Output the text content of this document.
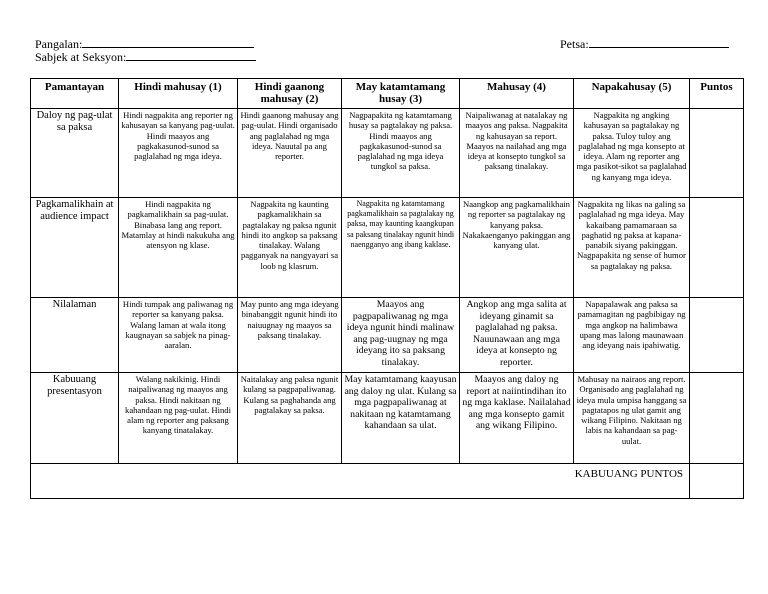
Pangalan:
Sabjek at Seksyon:
Petsa:
Pamantayan	Hindi mahusay (1)	Hindi gaanong mahusay (2)	May katamtamang husay (3)	Mahusay (4)	Napakahusay (5)	Puntos
Daloy ng pag-ulat sa paksa	Hindi nagpakita ang reporter ng kahusayan sa kanyang pag-uulat. Hindi maayos ang pagkakasunod-sunod sa paglalahad ng mga ideya.	Hindi gaanong mahusay ang pag-uulat. Hindi organisado ang paglalahad ng mga ideya. Nauutal pa ang reporter.	Nagpapakita ng katamtamang husay sa pagtalakay ng paksa. Hindi maayos ang pagkakasunod-sunod sa paglalahad ng mga ideya tungkol sa paksa.	Naipaliwanag at natalakay ng maayos ang paksa. Nagpakita ng kahusayan sa report. Maayos na nailahad ang mga ideya at konsepto tungkol sa paksang tinalakay.	Nagpakita ng angking kahusayan sa pagtalakay ng paksa. Tuloy tuloy ang paglalahad ng mga konsepto at ideya. Alam ng reporter ang mga pasikot-sikot sa paglalahad ng kanyang mga ideya.	
Pagkamalikhain at audience impact	Hindi nagpakita ng pagkamalikhain sa pag-uulat. Binabasa lang ang report. Matamlay at hindi nakukuha ang atensyon ng klase.	Nagpakita ng kaunting pagkamalikhain sa pagtalakay ng paksa ngunit hindi ito angkop sa paksang tinalakay. Walang pagganyak na nangyayari sa loob ng klasrum.	Nagpakita ng katamtamang pagkamalikhain sa pagtalakay ng paksa, may kaunting kaangkupan sa paksang tinalakay ngunit hindi naengganyo ang ibang kaklase.	Naangkop ang pagkamalikhain ng reporter sa pagtalakay ng kanyang paksa. Nakakaenganyo pakinggan ang kanyang ulat.	Nagpakita ng likas na galing sa paglalahad ng mga ideya. May kakaibang pamamaraan sa paghatid ng paksa at kapana-panabik siyang pakinggan. Nagpapakita ng sense of humor sa pagtalakay ng paksa.	
Nilalaman	Hindi tumpak ang paliwanag ng reporter sa kanyang paksa. Walang laman at wala itong kaugnayan sa sabjek na pinag-aaralan.	May punto ang mga ideyang binabanggit ngunit hindi ito naiuugnay ng maayos sa paksang tinalakay.	Maayos ang pagpapaliwanag ng mga ideya ngunit hindi malinaw ang pag-uugnay ng mga ideyang ito sa paksang tinalakay.	Angkop ang mga salita at ideyang ginamit sa paglalahad ng paksa. Nauunawaan ang mga ideya at konsepto ng reporter.	Napapalawak ang paksa sa pamamagitan ng pagbibigay ng mga angkop na halimbawa upang mas lalong maunawaan ang ideyang nais ipahiwatig.	
Kabuuang presentasyon	Walang nakikinig. Hindi naipaliwanag ng maayos ang paksa. Hindi nakitaan ng kahandaan ng pag-uulat. Hindi alam ng reporter ang paksang kanyang tinatalakay.	Naitalakay ang paksa ngunit kulang sa pagpapaliwanag. Kulang sa paghahanda ang pagtalakay sa paksa.	May katamtamang kaayusan ang daloy ng ulat. Kulang sa mga pagpapaliwanag at nakitaan ng katamtamang kahandaan sa ulat.	Maayos ang daloy ng report at naiintindihan ito ng mga kaklase. Nailalahad ang mga konsepto gamit ang wikang Filipino.	Mahusay na nairaos ang report. Organisado ang paglalahad ng ideya mula umpisa hanggang sa pagtatapos ng ulat gamit ang wikang Filipino. Nakitaan ng labis na kahandaan sa pag-uulat.	
KABUUANG PUNTOS						
